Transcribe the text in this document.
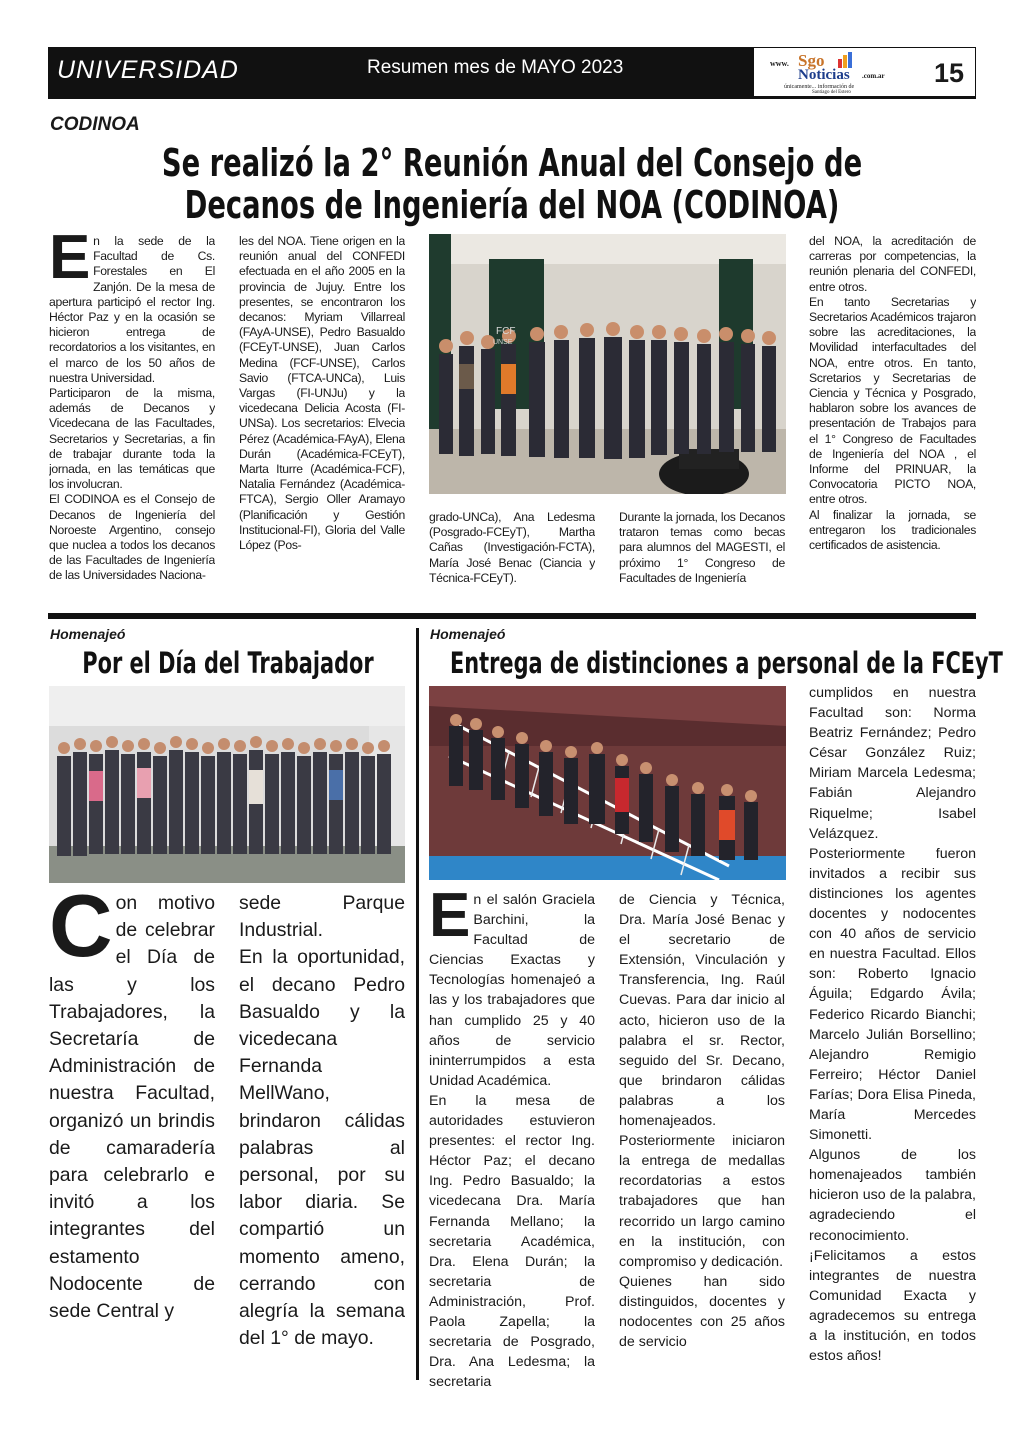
UNIVERSIDAD	Resumen mes de MAYO 2023	www. Sgo
Noticias .com.ar
únicamente... información de
Santiago del Estero
15
CODINOA
Se realizó la 2° Reunión Anual del Consejo de
Decanos de Ingeniería del NOA (CODINOA)
E n la sede de la Facultad de Cs. Forestales en El Zanjón. De la mesa de apertura participó el rector Ing. Héctor Paz y en la ocasión se hicieron entrega de recordatorios a los visitantes, en el marco de los 50 años de nuestra Universidad.

Participaron de la misma, además de Decanos y Vicedecana de las Facultades, Secretarios y Secretarias, a fin de trabajar durante toda la jornada, en las temáticas que los involucran.

El CODINOA es el Consejo de Decanos de Ingeniería del Noroeste Argentino, consejo que nuclea a todos los decanos de las Facultades de Ingeniería de las Universidades Naciona-

les del NOA. Tiene origen en la reunión anual del CONFEDI efectuada en el año 2005 en la provincia de Jujuy. Entre los presentes, se encontraron los decanos: Myriam Villarreal (FAyA-UNSE), Pedro Basualdo (FCEyT-UNSE), Juan Carlos Medina (FCF-UNSE), Carlos Savio (FTCA-UNCa), Luis Vargas (FI-UNJu) y la vicedecana Delicia Acosta (FI-UNSa). Los secretarios: Elvecia Pérez (Académica-FAyA), Elena Durán (Académica-FCEyT), Marta Iturre (Académica-FCF), Natalia Fernández (Académica-FTCA), Sergio Oller Aramayo (Planificación y Gestión Institucional-FI), Gloria del Valle López (Pos-
FCF
UNSE
grado-UNCa), Ana Ledesma (Posgrado-FCEyT), Martha Cañas (Investigación-FCTA), María José Benac (Ciancia y Técnica-FCEyT).
Durante la jornada, los Decanos trataron temas como becas para alumnos del MAGESTI, el próximo 1° Congreso de Facultades de Ingeniería

del NOA, la acreditación de carreras por competencias, la reunión plenaria del CONFEDI, entre otros.

En tanto Secretarias y Secretarios Académicos trajaron sobre las acreditaciones, la Movilidad interfacultades del NOA, entre otros. En tanto, Scretarios y Secretarias de Ciencia y Técnica y Posgrado, hablaron sobre los avances de presentación de Trabajos para el 1° Congreso de Facultades de Ingeniería del NOA , el Informe del PRINUAR, la Convocatoria PICTO NOA, entre otros.

Al finalizar la jornada, se entregaron los tradicionales certificados de asistencia.

Homenajeó
Por el Día del Trabajador
C on motivo de celebrar el Día de las y los Trabajadores, la Secretaría de Administración de nuestra Facultad, organizó un brindis de camaradería para celebrarlo e invitó a los integrantes del estamento Nodocente de sede Central y

sede Parque Industrial.

En la oportunidad, el decano Pedro Basualdo y la vicedecana Fernanda MellWano, brindaron cálidas palabras al personal, por su labor diaria. Se compartió un momento ameno, cerrando con alegría la semana del 1° de mayo.

Homenajeó
Entrega de distinciones a personal de la FCEyT
E n el salón Graciela Barchini, la Facultad de Ciencias Exactas y Tecnologías homenajeó a las y los trabajadores que han cumplido 25 y 40 años de servicio ininterrumpidos a esta Unidad Académica.

En la mesa de autoridades estuvieron presentes: el rector Ing. Héctor Paz; el decano Ing. Pedro Basualdo; la vicedecana Dra. María Fernanda Mellano; la secretaria Académica, Dra. Elena Durán; la secretaria de Administración, Prof. Paola Zapella; la secretaria de Posgrado, Dra. Ana Ledesma; la secretaria

de Ciencia y Técnica, Dra. María José Benac y el secretario de Extensión, Vinculación y Transferencia, Ing. Raúl Cuevas. Para dar inicio al acto, hicieron uso de la palabra el sr. Rector, seguido del Sr. Decano, que brindaron cálidas palabras a los homenajeados.

Posteriormente iniciaron la entrega de medallas recordatorias a estos trabajadores que han recorrido un largo camino en la institución, con compromiso y dedicación.

Quienes han sido distinguidos, docentes y nodocentes con 25 años de servicio

cumplidos en nuestra Facultad son: Norma Beatriz Fernández; Pedro César González Ruiz; Miriam Marcela Ledesma; Fabián Alejandro Riquelme; Isabel Velázquez.

Posteriormente fueron invitados a recibir sus distinciones los agentes docentes y nodocentes con 40 años de servicio en nuestra Facultad. Ellos son: Roberto Ignacio Águila; Edgardo Ávila; Federico Ricardo Bianchi; Marcelo Julián Borsellino; Alejandro Remigio Ferreiro; Héctor Daniel Farías; Dora Elisa Pineda, María Mercedes Simonetti.

Algunos de los homenajeados también hicieron uso de la palabra, agradeciendo el reconocimiento. ¡Felicitamos a estos integrantes de nuestra Comunidad Exacta y agradecemos su entrega a la institución, en todos estos años!
